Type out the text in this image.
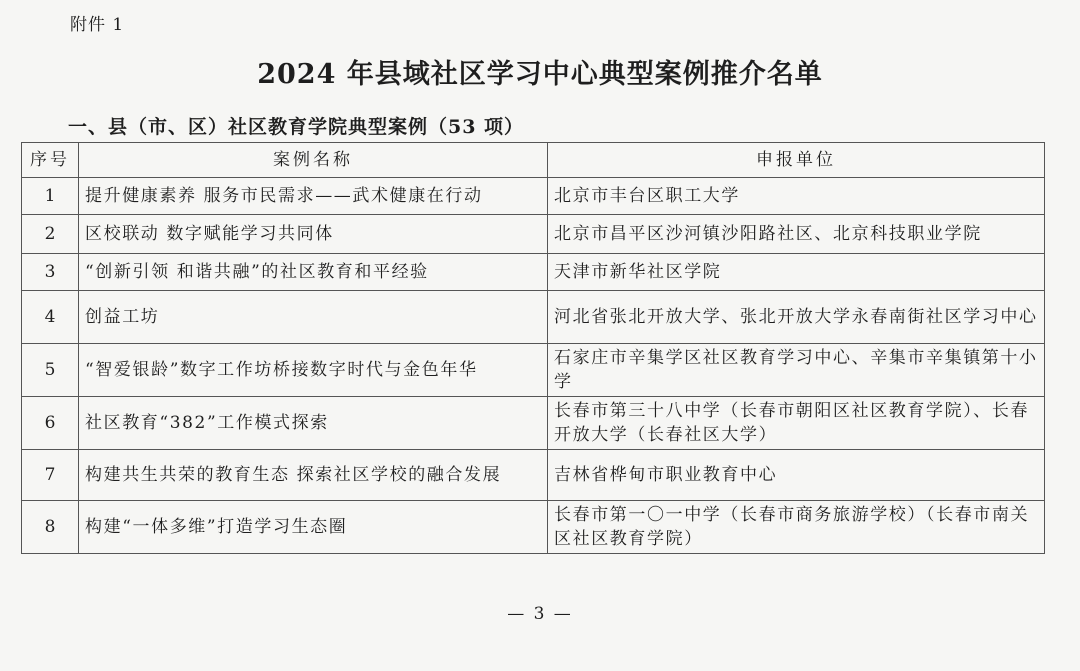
附件 1
2024 年县域社区学习中心典型案例推介名单
一、县（市、区）社区教育学院典型案例（53 项）
序号	案例名称	申报单位
1	提升健康素养 服务市民需求——武术健康在行动	北京市丰台区职工大学
2	区校联动 数字赋能学习共同体	北京市昌平区沙河镇沙阳路社区、北京科技职业学院
3	“创新引领 和谐共融”的社区教育和平经验	天津市新华社区学院
4	创益工坊	河北省张北开放大学、张北开放大学永春南街社区学习中心
5	“智爱银龄”数字工作坊桥接数字时代与金色年华	石家庄市辛集学区社区教育学习中心、辛集市辛集镇第十小学
6	社区教育“382”工作模式探索	长春市第三十八中学（长春市朝阳区社区教育学院）、长春开放大学（长春社区大学）
7	构建共生共荣的教育生态 探索社区学校的融合发展	吉林省桦甸市职业教育中心
8	构建“一体多维”打造学习生态圈	长春市第一〇一中学（长春市商务旅游学校）（长春市南关区社区教育学院）
— 3 —
